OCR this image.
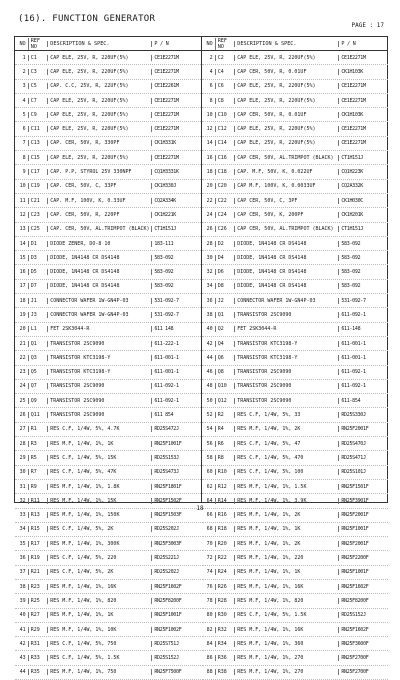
(16). FUNCTION GENERATOR
PAGE : 17
NO REF NO	DESCRIPTION & SPEC.	P / N
1	C1	CAP ELE, 25V, R, 220UF(5%)	CE1E2271M
2	C3	CAP ELE, 25V, R, 220UF(5%)	CE1E2271M
3	C5	CAP. C.C, 25V, R, 22UF(5%)	CE1E2261M
4	C7	CAP ELE, 25V, R, 220UF(5%)	CE1E2271M
5	C9	CAP ELE, 25V, R, 220UF(5%)	CE1E2271M
6	C11	CAP ELE, 25V, R, 220UF(5%)	CE1E2271M
7	C13	CAP. CER, 50V, R, 330PF	CK1H331K
8	C15	CAP ELE, 25V, R, 220UF(5%)	CE1E2271M
9	C17	CAP. P.P, STYROL 25V 330NPF	CQ1H3331K
10	C19	CAP. CER, 50V, C, 33PF	CK1H330J
11	C21	CAP. M.F, 100V, K, 0.33UF	CQ2A334K
12	C23	CAP. CER, 50V, R, 220PF	CK1H221K
13	C25	CAP. CER, 50V, AL.TRIMPOT (BLACK) CT1H151J
14	D1	DIODE ZENER, DO-8 10	183-111
15	D3	DIODE, 1N4148 CR DS4148	583-092
16	D5	DIODE, 1N4148 CR DS4148	583-092
17	D7	DIODE, 1N4148 CR DS4148	583-092
18	J1	CONNECTOR WAFER 1W-GN4P-03	531-092-7
19	J3	CONNECTOR WAFER 1W-GN4P-03	531-092-7
20	L1	FET 2SK3044-R	611 148
21	Q1	TRANSISTOR 2SC9090	611-222-1
22	Q3	TRANSISTOR KTC3198-Y	611-001-1
23	Q5	TRANSISTOR KTC3198-Y	611-001-1
24	Q7	TRANSISTOR 2SC9090	611-092-1
25	Q9	TRANSISTOR 2SC9090	611-092-1
26	Q11	TRANSISTOR 2SC9090	611 854
27	R1	RES C.F, 1/4W, 5%, 4.7K	RD25S472J
28	R3	RES M.F, 1/4W, 1%, 1K	RN25F1001F
29	R5	RES C.F, 1/4W, 5%, 15K	RD25S153J
30	R7	RES C.F, 1/4W, 5%, 47K	RD25S473J
31	R9	RES M.F, 1/4W, 1%, 1.8K	RN25F1801F
32	R11	RES M.F, 1/4W, 1%, 15K	RN25F1502F
33	R13	RES M.F, 1/4W, 1%, 150K	RN25F1503F
34	R15	RES C.F, 1/4W, 5%, 2K	RD25S202J
35	R17	RES M.F, 1/4W, 1%, 300K	RN25F3003F
36	R19	RES C.F, 1/4W, 5%, 220	RD25S221J
37	R21	RES C.F, 1/4W, 5%, 2K	RD25S202J
38	R23	RES M.F, 1/4W, 1%, 16K	RN25F1602F
39	R25	RES M.F, 1/4W, 1%, 820	RN25F8200F
40	R27	RES M.F, 1/4W, 1%, 1K	RN25F1001F
41	R29	RES M.F, 1/4W, 1%, 10K	RN25F1002F
42	R31	RES C.F, 1/4W, 5%, 750	RD25S751J
43	R33	RES C.F, 1/4W, 5%, 1.5K	RD25S152J
44	R35	RES M.F, 1/4W, 1%, 750	RN25F7500F
NO REF NO	DESCRIPTION & SPEC.	P / N
2	C2	CAP ELE, 25V, R, 220UF(5%)	CE1E2271M
4	C4	CAP CER, 50V, R, 0.01UF	CK1H103K
6	C6	CAP ELE, 25V, R, 220UF(5%)	CE1E2271M
8	C8	CAP ELE, 25V, R, 220UF(5%)	CE1E2271M
10	C10	CAP CER, 50V, R, 0.01UF	CK1H103K
12	C12	CAP ELE, 25V, R, 220UF(5%)	CE1E2271M
14	C14	CAP ELE, 25V, R, 220UF(5%)	CE1E2271M
16	C16	CAP CER, 50V, AL.TRIMPOT (BLACK)	CT1H151J
18	C18	CAP. M.F, 50V, K, 0.022UF	CQ1H223K
20	C20	CAP M.F, 100V, K, 0.0033UF	CQ2A332K
22	C22	CAP CER, 50V, C, 3PF	CK1H030C
24	C24	CAP CER, 50V, K, 200PF	CK1H201K
26	C26	CAP CER, 50V, AL.TRIMPOT (BLACK)	CT1H151J
28	D2	DIODE, 1N4148 CR DS4148	583-092
30	D4	DIODE, 1N4148 CR DS4148	583-092
32	D6	DIODE, 1N4148 CR DS4148	583-092
34	D8	DIODE, 1N4148 CR DS4148	583-092
36	J2	CONNECTOR WAFER 1W-GN4P-03	531-092-7
38	Q1	TRANSISTOR 2SC9090	611-092-1
40	Q2	FET 2SK3044-R	611-148
42	Q4	TRANSISTOR KTC3198-Y	611-001-1
44	Q6	TRANSISTOR KTC3198-Y	611-001-1
46	Q8	TRANSISTOR 2SC9090	611-092-1
48	Q10	TRANSISTOR 2SC9090	611-092-1
50	Q12	TRANSISTOR 2SC9090	611-854
52	R2	RES C.F, 1/4W, 5%, 33	RD25S330J
54	R4	RES M.F, 1/4W, 1%, 2K	RN25F2001F
56	R6	RES C.F, 1/4W, 5%, 47	RD25S470J
58	R8	RES C.F, 1/4W, 5%, 470	RD25S471J
60	R10	RES C.F, 1/4W, 5%, 100	RD25S101J
62	R12	RES M.F, 1/4W, 1%, 1.5K	RN25F1501F
64	R14	RES M.F, 1/4W, 1%, 3.9K	RN25F3901F
66	R16	RES M.F, 1/4W, 1%, 2K	RN25F2001F
68	R18	RES M.F, 1/4W, 1%, 1K	RN25F1001F
70	R20	RES M.F, 1/4W, 1%, 2K	RN25F2001F
72	R22	RES M.F, 1/4W, 1%, 220	RN25F2200F
74	R24	RES M.F, 1/4W, 1%, 1K	RN25F1001F
76	R26	RES M.F, 1/4W, 1%, 16K	RN25F1602F
78	R28	RES M.F, 1/4W, 1%, 820	RN25F8200F
80	R30	RES C.F, 1/4W, 5%, 1.5K	RD25S152J
82	R32	RES M.F, 1/4W, 1%, 16K	RN25F1602F
84	R34	RES M.F, 1/4W, 1%, 360	RN25F3600F
86	R36	RES M.F, 1/4W, 1%, 270	RN25F2700F
88	R38	RES M.F, 1/4W, 1%, 270	RN25F2700F
18
